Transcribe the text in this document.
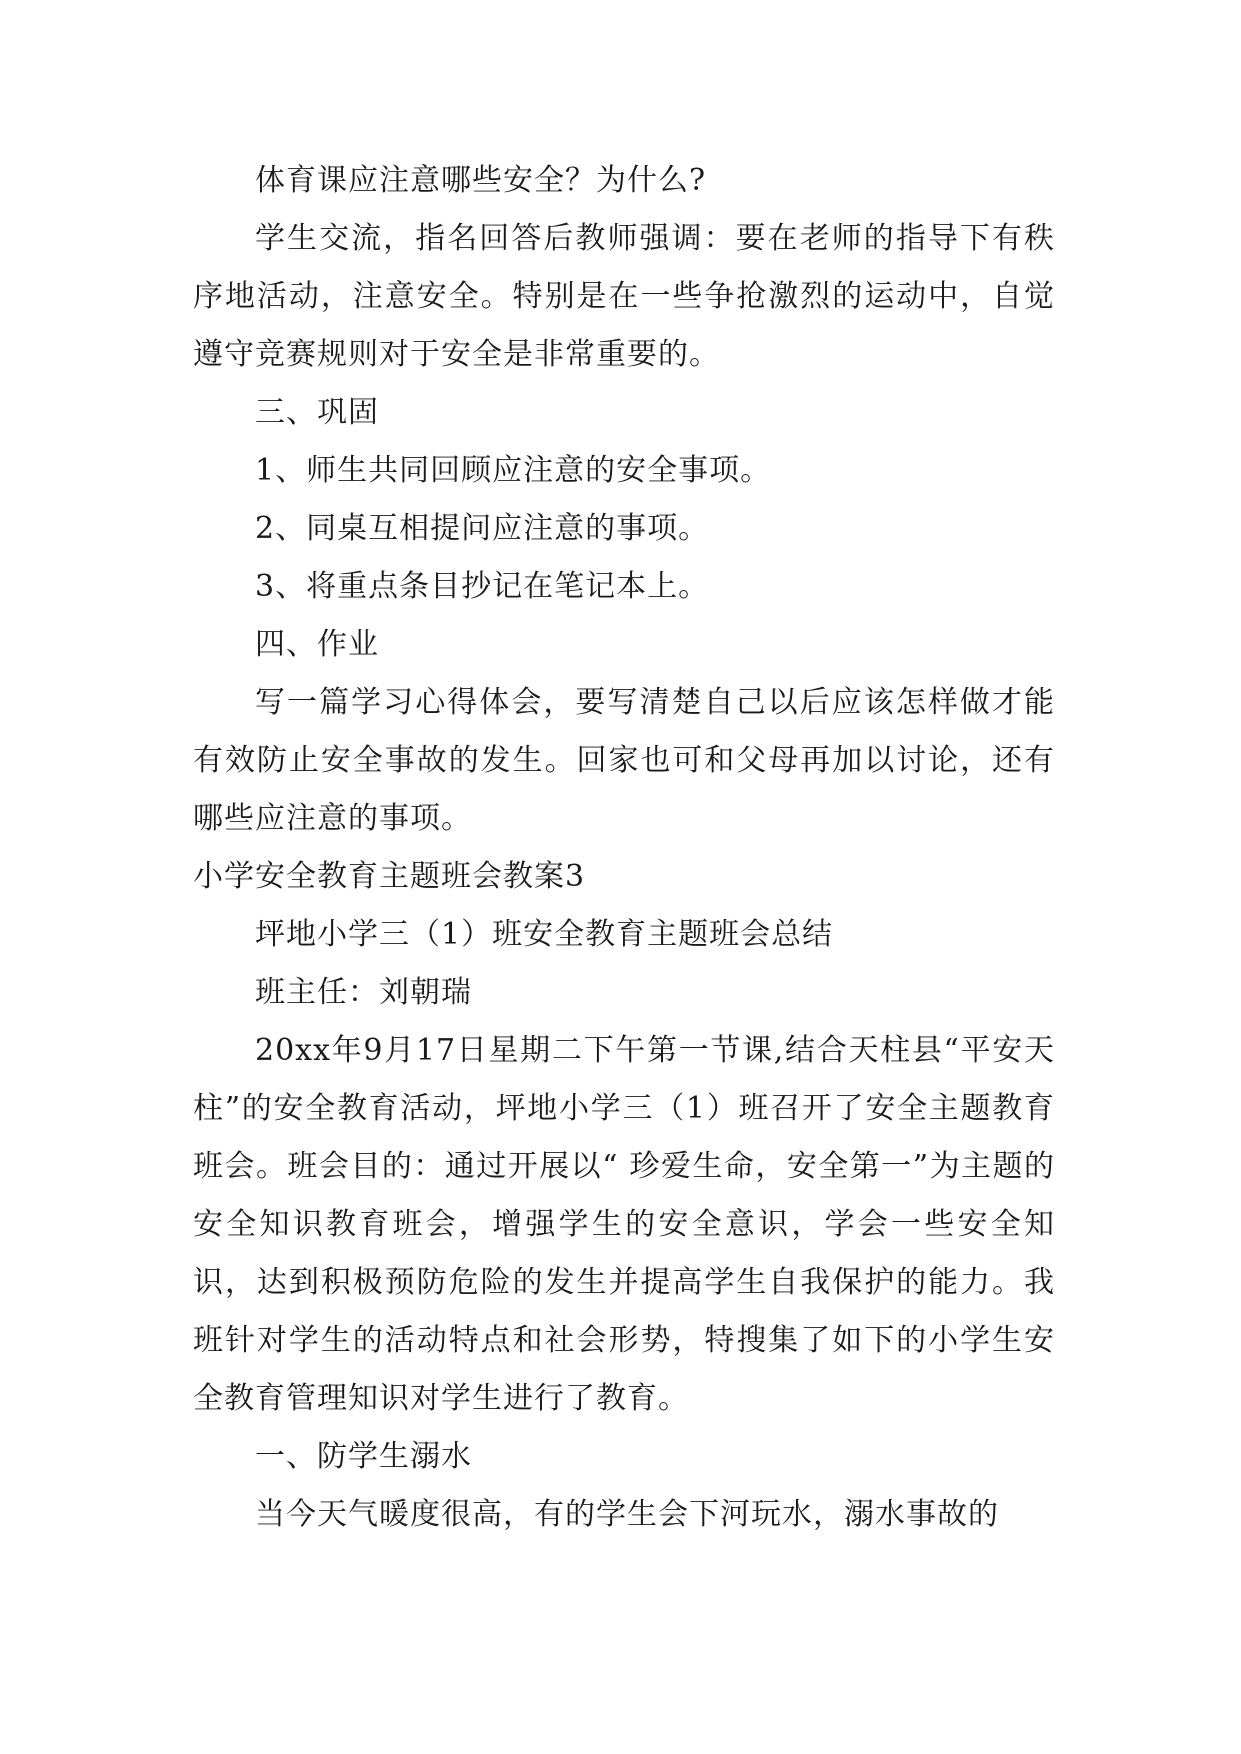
体育课应注意哪些安全？为什么?

学生交流，指名回答后教师强调：要在老师的指导下有秩序地活动，注意安全。特别是在一些争抢激烈的运动中，自觉遵守竞赛规则对于安全是非常重要的。

三、巩固

1、师生共同回顾应注意的安全事项。

2、同桌互相提问应注意的事项。

3、将重点条目抄记在笔记本上。

四、作业

写一篇学习心得体会，要写清楚自己以后应该怎样做才能有效防止安全事故的发生。回家也可和父母再加以讨论，还有哪些应注意的事项。

小学安全教育主题班会教案3

坪地小学三（1）班安全教育主题班会总结

班主任：刘朝瑞

20xx年9月17日星期二下午第一节课,结合天柱县“平安天柱”的安全教育活动，坪地小学三（1）班召开了安全主题教育班会。班会目的：通过开展以“ 珍爱生命，安全第一”为主题的安全知识教育班会，增强学生的安全意识，学会一些安全知识，达到积极预防危险的发生并提高学生自我保护的能力。我班针对学生的活动特点和社会形势，特搜集了如下的小学生安全教育管理知识对学生进行了教育。

一、防学生溺水

当今天气暖度很高，有的学生会下河玩水，溺水事故的
